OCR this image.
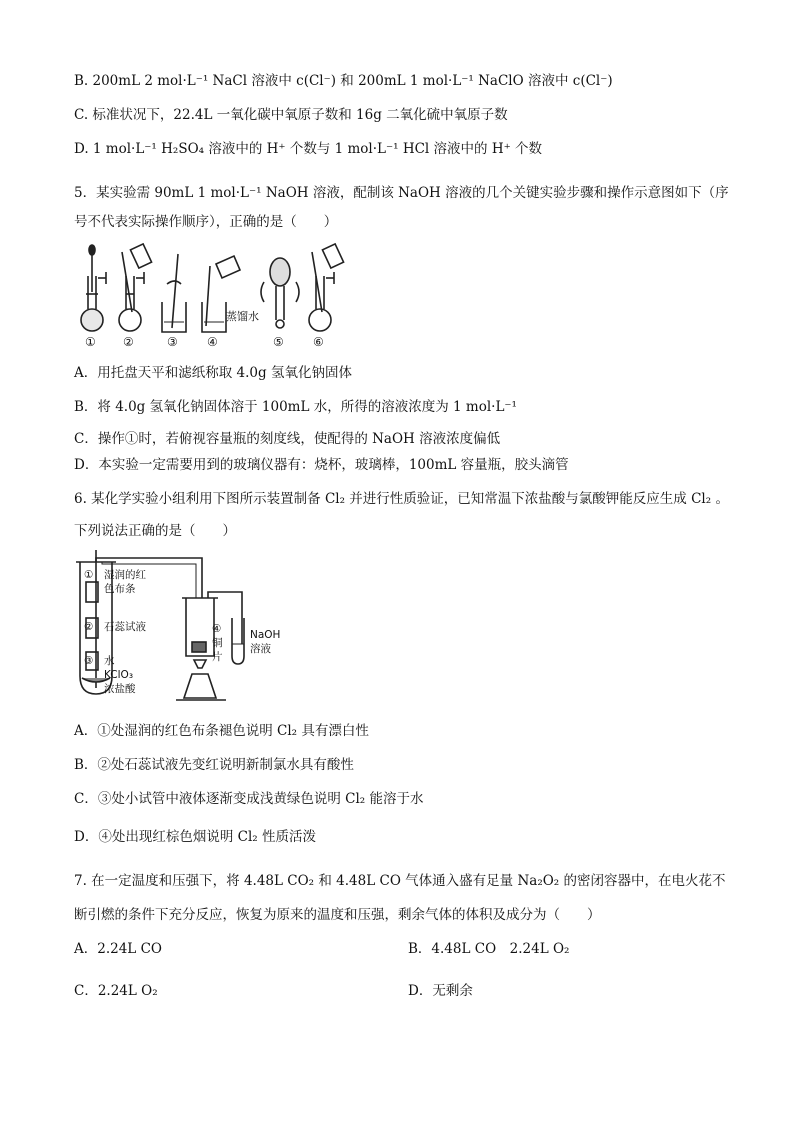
B. 200mL 2 mol·L⁻¹ NaCl 溶液中 c(Cl⁻) 和 200mL 1 mol·L⁻¹ NaClO 溶液中 c(Cl⁻)
C. 标准状况下，22.4L 一氧化碳中氧原子数和 16g 二氧化硫中氧原子数
D. 1 mol·L⁻¹ H₂SO₄ 溶液中的 H⁺ 个数与 1 mol·L⁻¹ HCl 溶液中的 H⁺ 个数
5．某实验需 90mL 1 mol·L⁻¹ NaOH 溶液，配制该 NaOH 溶液的几个关键实验步骤和操作示意图如下（序
号不代表实际操作顺序），正确的是（　　）
蒸馏水
① ②	③ ④	⑤ ⑥
A．用托盘天平和滤纸称取 4.0g 氢氧化钠固体
B．将 4.0g 氢氧化钠固体溶于 100mL 水，所得的溶液浓度为 1 mol·L⁻¹
C．操作①时，若俯视容量瓶的刻度线，使配得的 NaOH 溶液浓度偏低
D．本实验一定需要用到的玻璃仪器有：烧杯，玻璃棒，100mL 容量瓶，胶头滴管
6. 某化学实验小组利用下图所示装置制备 Cl₂ 并进行性质验证，已知常温下浓盐酸与氯酸钾能反应生成 Cl₂ 。
下列说法正确的是（　　）
① 湿润的红
色布条
② 石蕊试液
③ 水
KClO₃
浓盐酸
④
铜
片
NaOH
溶液
A．①处湿润的红色布条褪色说明 Cl₂ 具有漂白性
B．②处石蕊试液先变红说明新制氯水具有酸性
C．③处小试管中液体逐渐变成浅黄绿色说明 Cl₂ 能溶于水
D．④处出现红棕色烟说明 Cl₂ 性质活泼
7. 在一定温度和压强下，将 4.48L CO₂ 和 4.48L CO 气体通入盛有足量 Na₂O₂ 的密闭容器中，在电火花不
断引燃的条件下充分反应，恢复为原来的温度和压强，剩余气体的体积及成分为（　　）
A．2.24L CO	B．4.48L CO　2.24L O₂
C．2.24L O₂	D．无剩余
